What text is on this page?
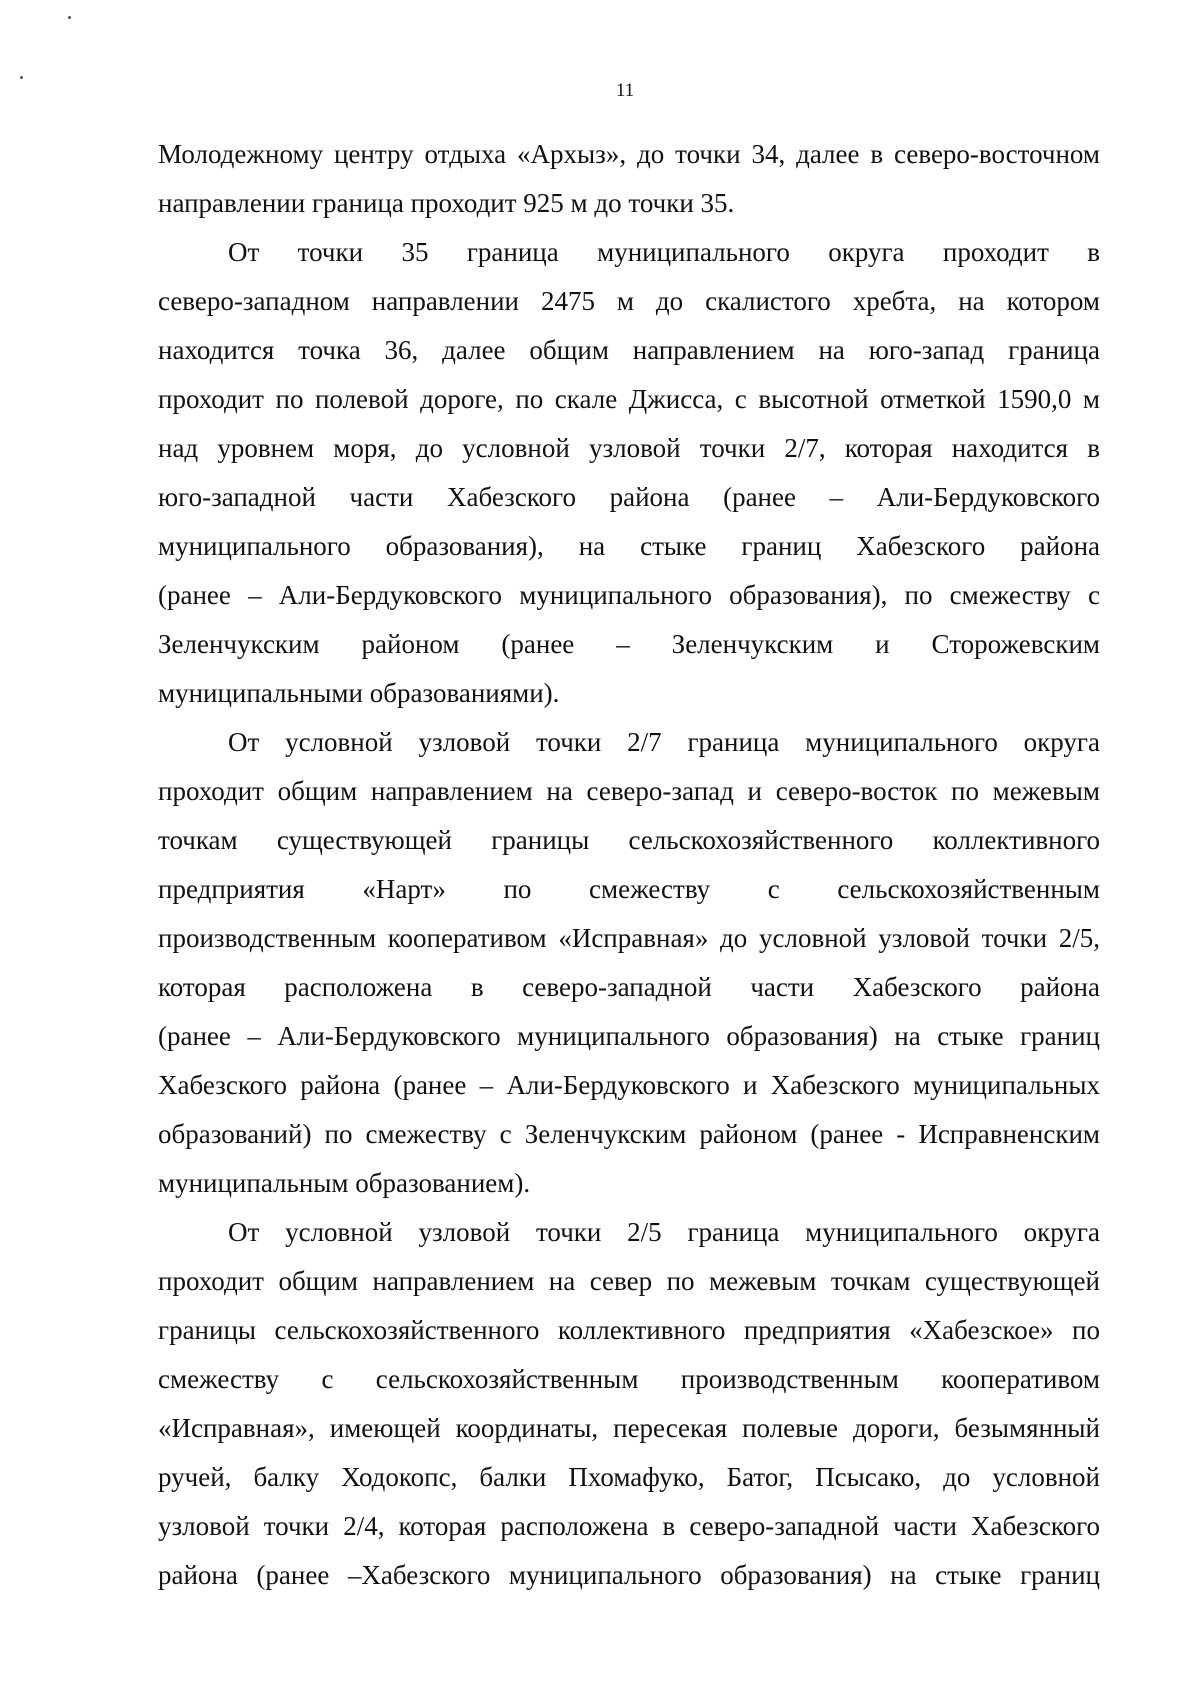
11
Молодежному центру отдыха «Архыз», до точки 34, далее в северо-восточном
направлении граница проходит 925 м до точки 35.
От точки 35 граница муниципального округа проходит в
северо-западном направлении 2475 м до скалистого хребта, на котором
находится точка 36, далее общим направлением на юго-запад граница
проходит по полевой дороге, по скале Джисса, с высотной отметкой 1590,0 м
над уровнем моря, до условной узловой точки 2/7, которая находится в
юго-западной части Хабезского района (ранее – Али-Бердуковского
муниципального образования), на стыке границ Хабезского района
(ранее – Али-Бердуковского муниципального образования), по смежеству с
Зеленчукским районом (ранее – Зеленчукским и Сторожевским
муниципальными образованиями).
От условной узловой точки 2/7 граница муниципального округа
проходит общим направлением на северо-запад и северо-восток по межевым
точкам существующей границы сельскохозяйственного коллективного
предприятия «Нарт» по смежеству с сельскохозяйственным
производственным кооперативом «Исправная» до условной узловой точки 2/5,
которая расположена в северо-западной части Хабезского района
(ранее – Али-Бердуковского муниципального образования) на стыке границ
Хабезского района (ранее – Али-Бердуковского и Хабезского муниципальных
образований) по смежеству с Зеленчукским районом (ранее - Исправненским
муниципальным образованием).
От условной узловой точки 2/5 граница муниципального округа
проходит общим направлением на север по межевым точкам существующей
границы сельскохозяйственного коллективного предприятия «Хабезское» по
смежеству с сельскохозяйственным производственным кооперативом
«Исправная», имеющей координаты, пересекая полевые дороги, безымянный
ручей, балку Ходокопс, балки Пхомафуко, Батог, Псысако, до условной
узловой точки 2/4, которая расположена в северо-западной части Хабезского
района (ранее –Хабезского муниципального образования) на стыке границ
